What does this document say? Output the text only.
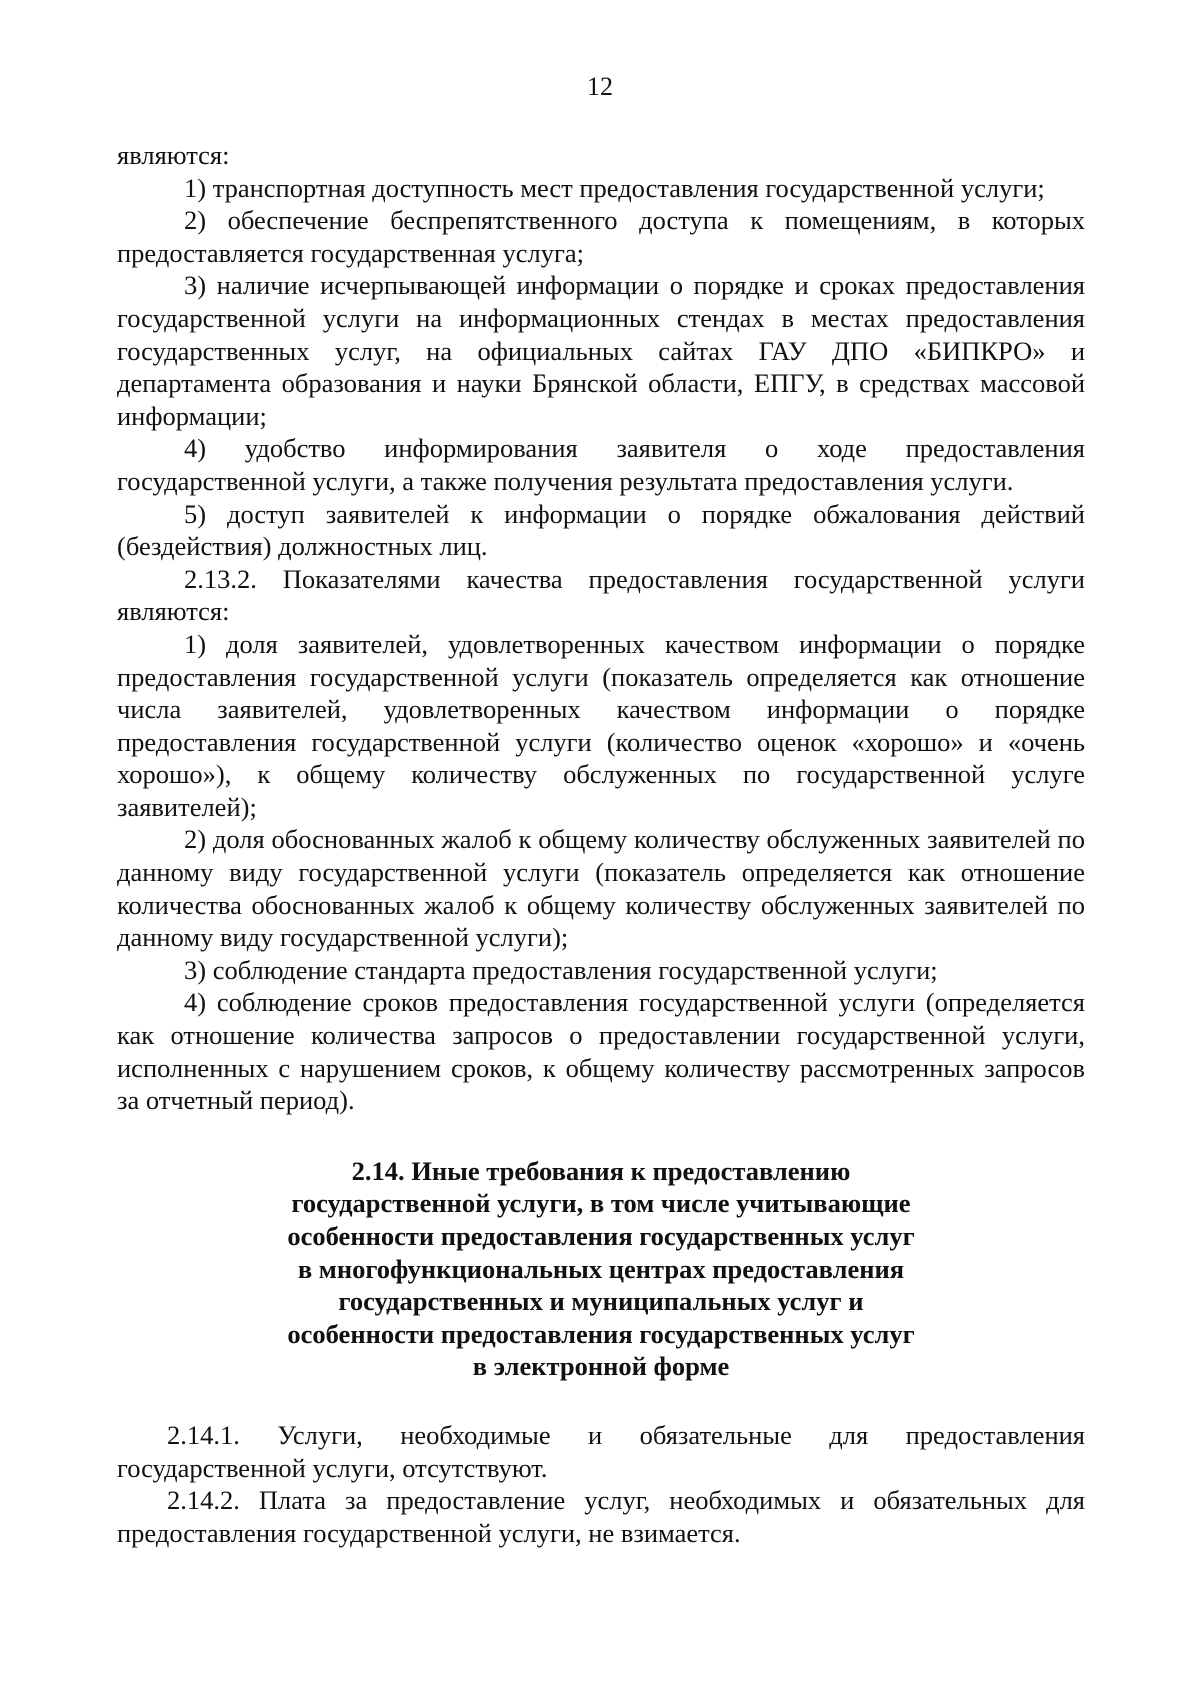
12

являются:

1) транспортная доступность мест предоставления государственной услуги;

2) обеспечение беспрепятственного доступа к помещениям, в которых предоставляется государственная услуга;

3) наличие исчерпывающей информации о порядке и сроках предоставления государственной услуги на информационных стендах в местах предоставления государственных услуг, на официальных сайтах ГАУ ДПО «БИПКРО» и департамента образования и науки Брянской области, ЕПГУ, в средствах массовой информации;

4) удобство информирования заявителя о ходе предоставления государственной услуги, а также получения результата предоставления услуги.

5) доступ заявителей к информации о порядке обжалования действий (бездействия) должностных лиц.

2.13.2. Показателями качества предоставления государственной услуги являются:

1) доля заявителей, удовлетворенных качеством информации о порядке предоставления государственной услуги (показатель определяется как отношение числа заявителей, удовлетворенных качеством информации о порядке предоставления государственной услуги (количество оценок «хорошо» и «очень хорошо»), к общему количеству обслуженных по государственной услуге заявителей);

2) доля обоснованных жалоб к общему количеству обслуженных заявителей по данному виду государственной услуги (показатель определяется как отношение количества обоснованных жалоб к общему количеству обслуженных заявителей по данному виду государственной услуги);

3) соблюдение стандарта предоставления государственной услуги;

4) соблюдение сроков предоставления государственной услуги (определяется как отношение количества запросов о предоставлении государственной услуги, исполненных с нарушением сроков, к общему количеству рассмотренных запросов за отчетный период).

2.14. Иные требования к предоставлению
государственной услуги, в том числе учитывающие
особенности предоставления государственных услуг
в многофункциональных центрах предоставления
государственных и муниципальных услуг и
особенности предоставления государственных услуг
в электронной форме

2.14.1. Услуги, необходимые и обязательные для предоставления государственной услуги, отсутствуют.

2.14.2. Плата за предоставление услуг, необходимых и обязательных для предоставления государственной услуги, не взимается.
